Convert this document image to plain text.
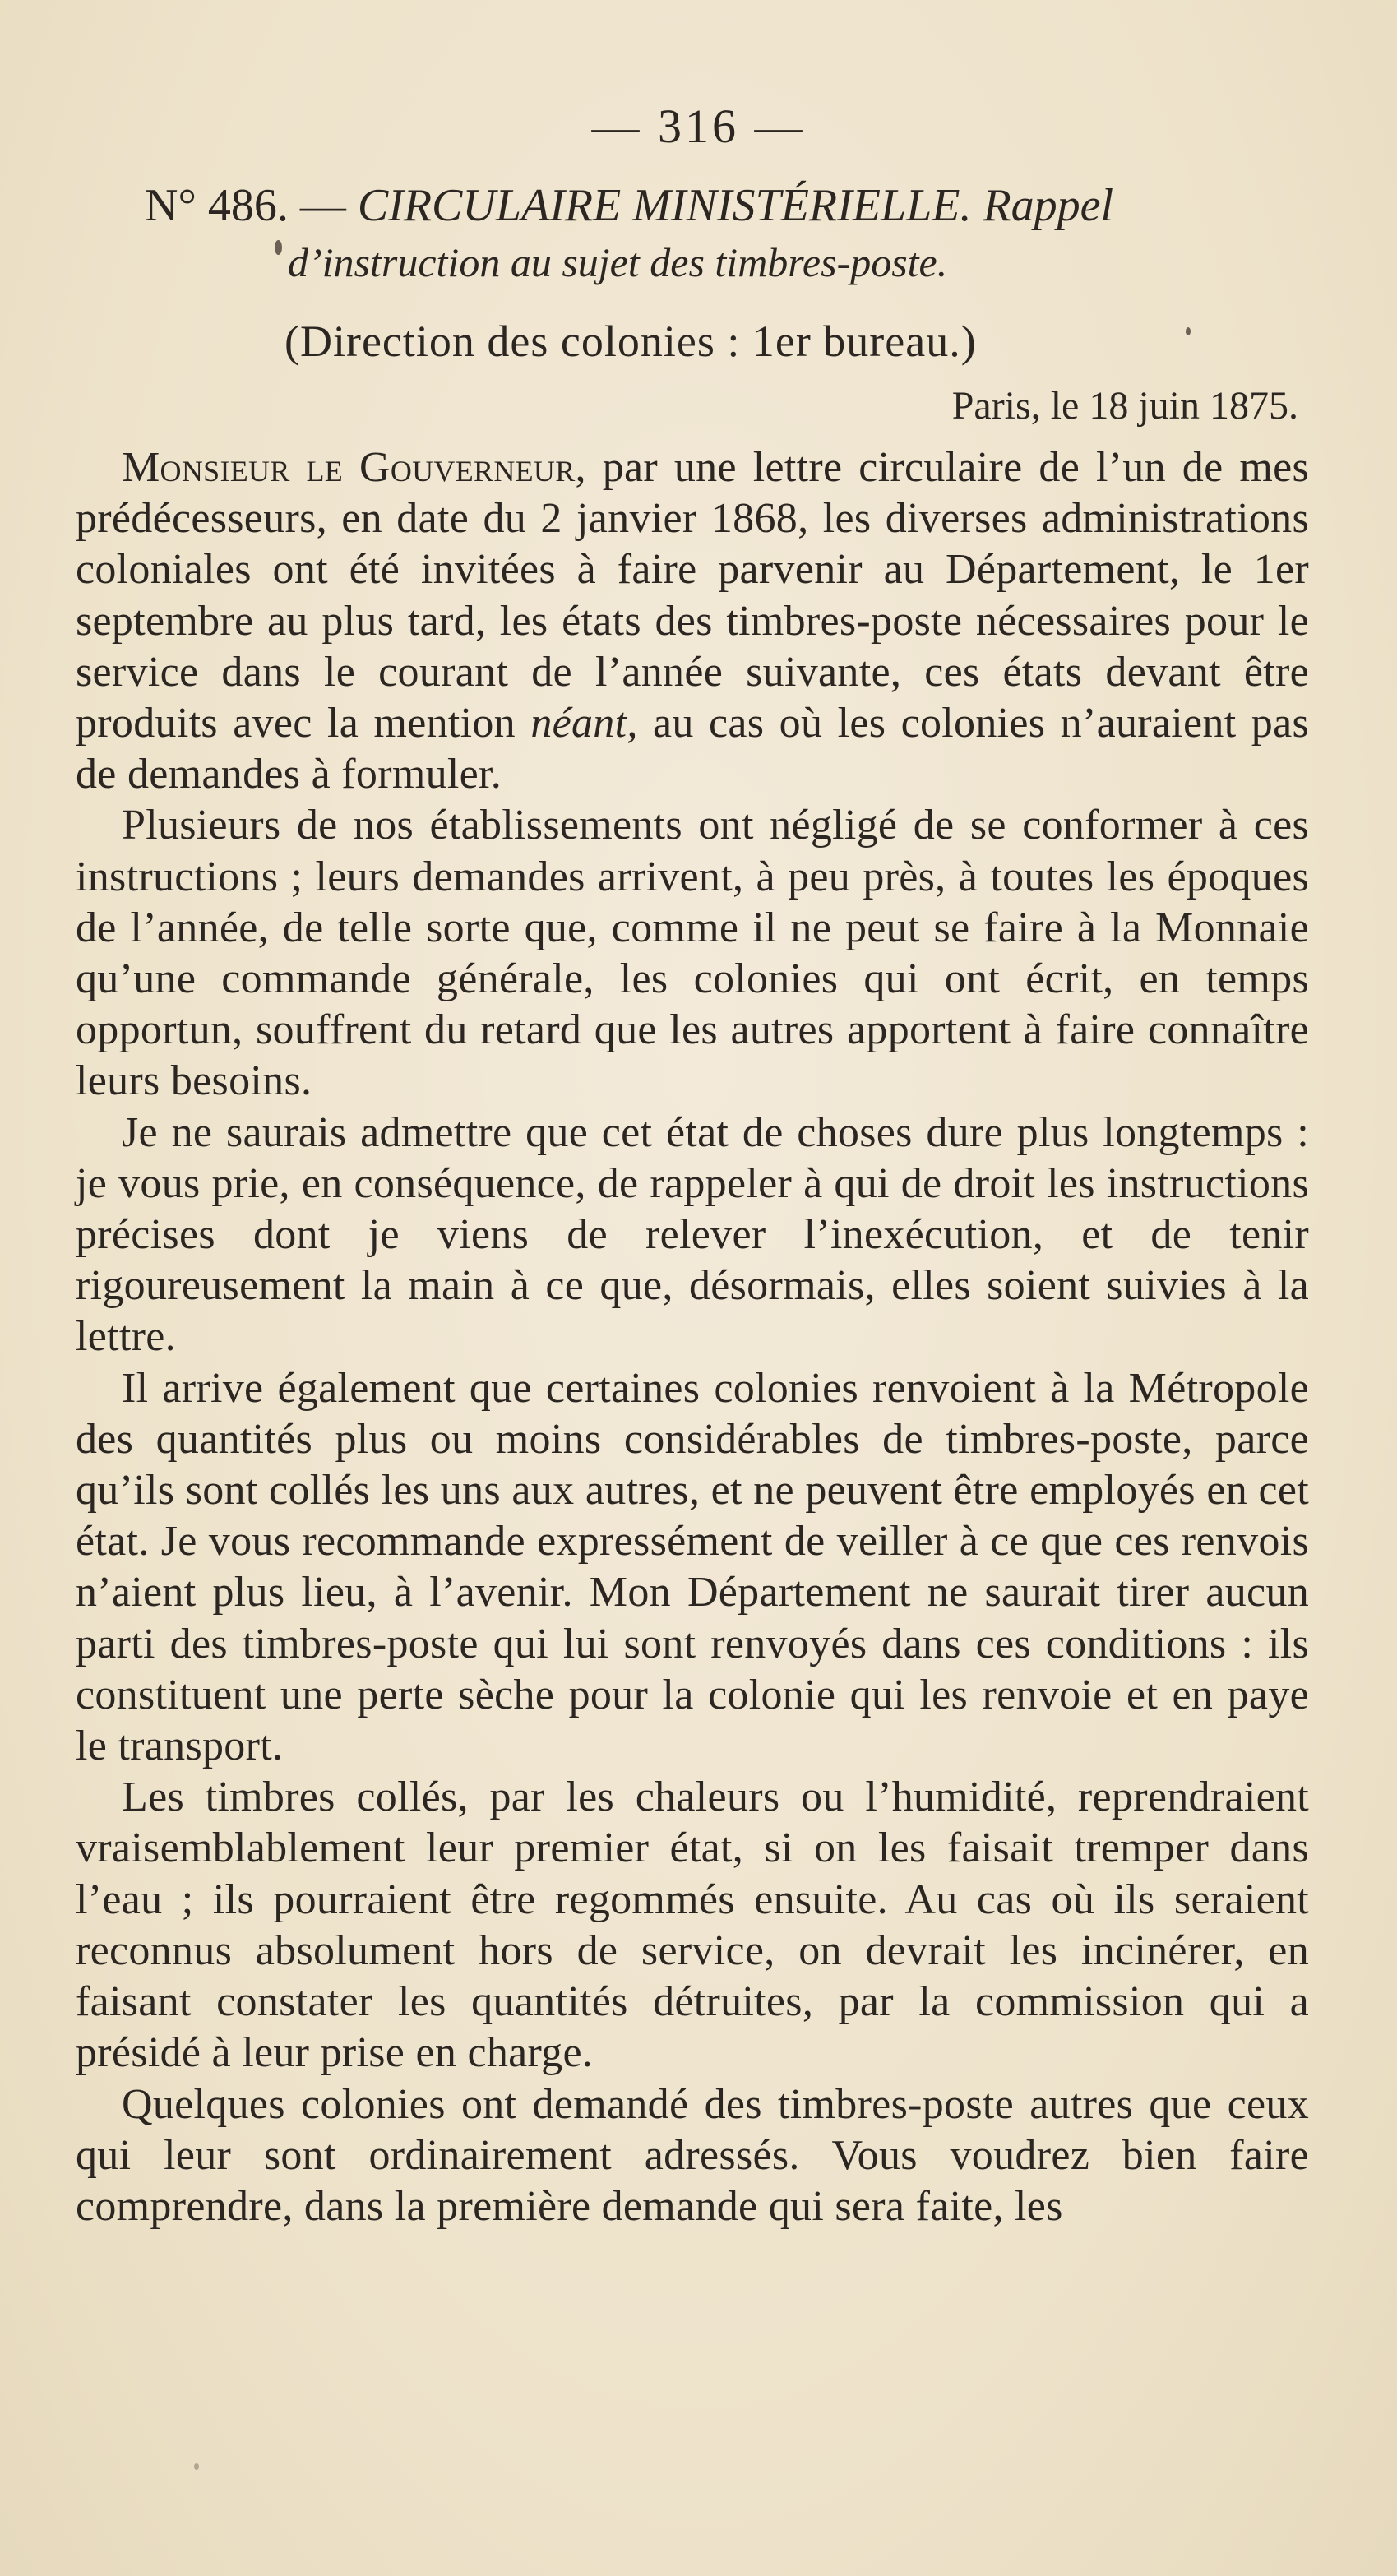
— 316 —
N° 486. — CIRCULAIRE MINISTÉRIELLE. Rappel
d’instruction au sujet des timbres-poste.
(Direction des colonies : 1er bureau.)
Paris, le 18 juin 1875.

Monsieur le Gouverneur, par une lettre circulaire de l’un de mes prédécesseurs, en date du 2 janvier 1868, les diverses administrations coloniales ont été invitées à faire parvenir au Département, le 1er septembre au plus tard, les états des timbres-poste nécessaires pour le service dans le courant de l’année suivante, ces états devant être produits avec la mention néant, au cas où les colonies n’auraient pas de demandes à formuler.

Plusieurs de nos établissements ont négligé de se conformer à ces instructions ; leurs demandes arrivent, à peu près, à toutes les époques de l’année, de telle sorte que, comme il ne peut se faire à la Monnaie qu’une commande générale, les colonies qui ont écrit, en temps opportun, souffrent du retard que les autres apportent à faire connaître leurs besoins.

Je ne saurais admettre que cet état de choses dure plus longtemps : je vous prie, en conséquence, de rappeler à qui de droit les instructions précises dont je viens de relever l’inexécution, et de tenir rigoureusement la main à ce que, désormais, elles soient suivies à la lettre.

Il arrive également que certaines colonies renvoient à la Métropole des quantités plus ou moins considérables de timbres-poste, parce qu’ils sont collés les uns aux autres, et ne peuvent être employés en cet état. Je vous recommande expressément de veiller à ce que ces renvois n’aient plus lieu, à l’avenir. Mon Département ne saurait tirer aucun parti des timbres-poste qui lui sont renvoyés dans ces conditions : ils constituent une perte sèche pour la colonie qui les renvoie et en paye le transport.

Les timbres collés, par les chaleurs ou l’humidité, reprendraient vraisemblablement leur premier état, si on les faisait tremper dans l’eau ; ils pourraient être regommés ensuite. Au cas où ils seraient reconnus absolument hors de service, on devrait les incinérer, en faisant constater les quantités détruites, par la commission qui a présidé à leur prise en charge.

Quelques colonies ont demandé des timbres-poste autres que ceux qui leur sont ordinairement adressés. Vous voudrez bien faire comprendre, dans la première demande qui sera faite, les
